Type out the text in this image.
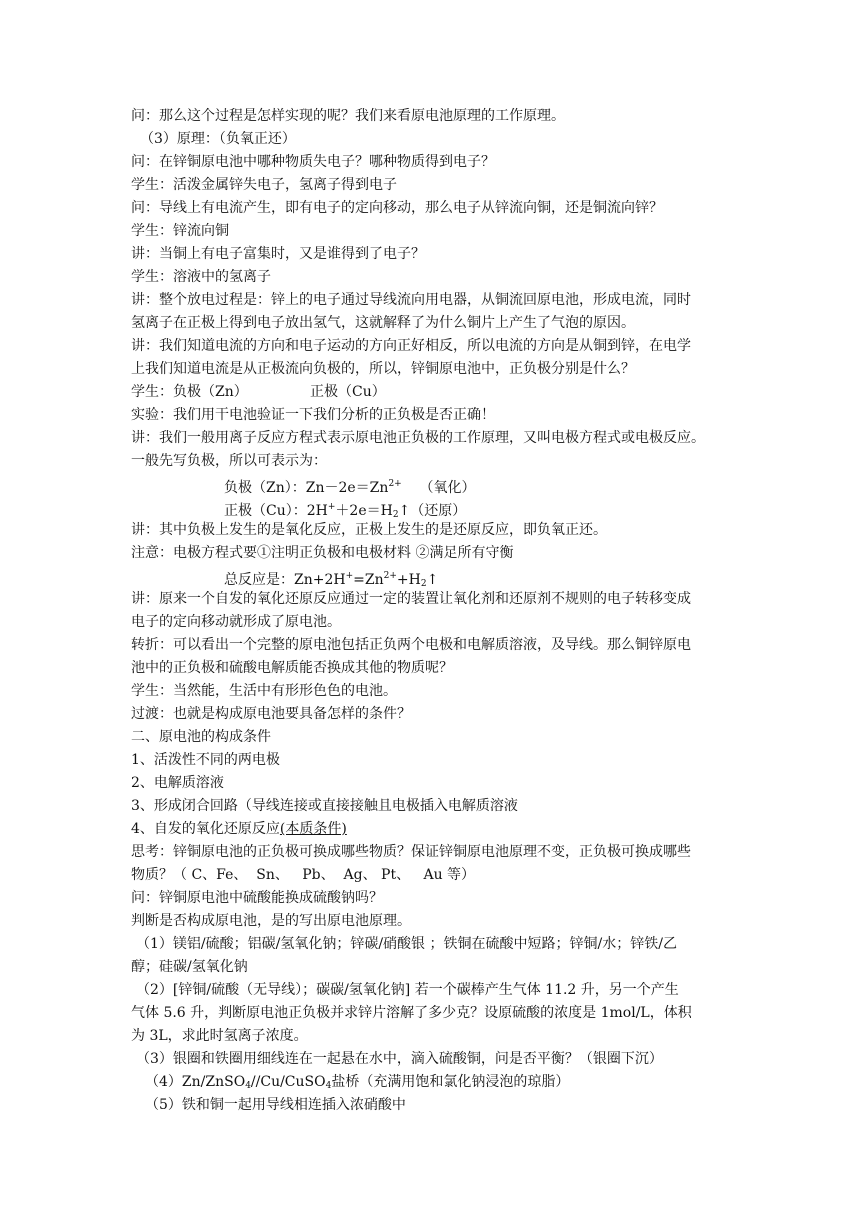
问：那么这个过程是怎样实现的呢？我们来看原电池原理的工作原理。
（3）原理：（负氧正还）
问：在锌铜原电池中哪种物质失电子？哪种物质得到电子？
学生：活泼金属锌失电子，氢离子得到电子
问：导线上有电流产生，即有电子的定向移动，那么电子从锌流向铜，还是铜流向锌？
学生：锌流向铜
讲：当铜上有电子富集时，又是谁得到了电子？
学生：溶液中的氢离子
讲：整个放电过程是：锌上的电子通过导线流向用电器，从铜流回原电池，形成电流，同时
氢离子在正极上得到电子放出氢气，这就解释了为什么铜片上产生了气泡的原因。
讲：我们知道电流的方向和电子运动的方向正好相反，所以电流的方向是从铜到锌，在电学
上我们知道电流是从正极流向负极的，所以，锌铜原电池中，正负极分别是什么？
学生：负极（Zn）              正极（Cu）
实验：我们用干电池验证一下我们分析的正负极是否正确！
讲：我们一般用离子反应方程式表示原电池正负极的工作原理，又叫电极方程式或电极反应。
一般先写负极，所以可表示为：
负极（Zn）：$Zn-2e=Zn^{2+}$    （氧化）
正极（Cu）：$2H^++2e=H_2↑$（还原）
讲：其中负极上发生的是氧化反应，正极上发生的是还原反应，即负氧正还。
注意：电极方程式要①注明正负极和电极材料 ②满足所有守衡
总反应是：$Zn+2H^+=Zn^{2+}+H_2↑$
讲：原来一个自发的氧化还原反应通过一定的装置让氧化剂和还原剂不规则的电子转移变成
电子的定向移动就形成了原电池。
转折：可以看出一个完整的原电池包括正负两个电极和电解质溶液，及导线。那么铜锌原电
池中的正负极和硫酸电解质能否换成其他的物质呢？
学生：当然能，生活中有形形色色的电池。
过渡：也就是构成原电池要具备怎样的条件？
二、原电池的构成条件
1、活泼性不同的两电极
2、电解质溶液
3、形成闭合回路（导线连接或直接接触且电极插入电解质溶液
4、自发的氧化还原反应(本质条件)
思考：锌铜原电池的正负极可换成哪些物质？保证锌铜原电池原理不变，正负极可换成哪些
物质？（ C、Fe、  Sn、   Pb、  Ag、 Pt、   Au 等）
问：锌铜原电池中硫酸能换成硫酸钠吗？
判断是否构成原电池，是的写出原电池原理。
（1）镁铝/硫酸；铝碳/氢氧化钠；锌碳/硝酸银 ；铁铜在硫酸中短路；锌铜/水；锌铁/乙
醇；硅碳/氢氧化钠
（2）[锌铜/硫酸（无导线）；碳碳/氢氧化钠] 若一个碳棒产生气体 11.2 升，另一个产生
气体 5.6 升，判断原电池正负极并求锌片溶解了多少克？设原硫酸的浓度是 1mol/L，体积
为 3L，求此时氢离子浓度。
（3）银圈和铁圈用细线连在一起悬在水中，滴入硫酸铜，问是否平衡？（银圈下沉）
（4）Zn/ZnSO$_4$//Cu/CuSO$_4$盐桥（充满用饱和氯化钠浸泡的琼脂）
（5）铁和铜一起用导线相连插入浓硝酸中
